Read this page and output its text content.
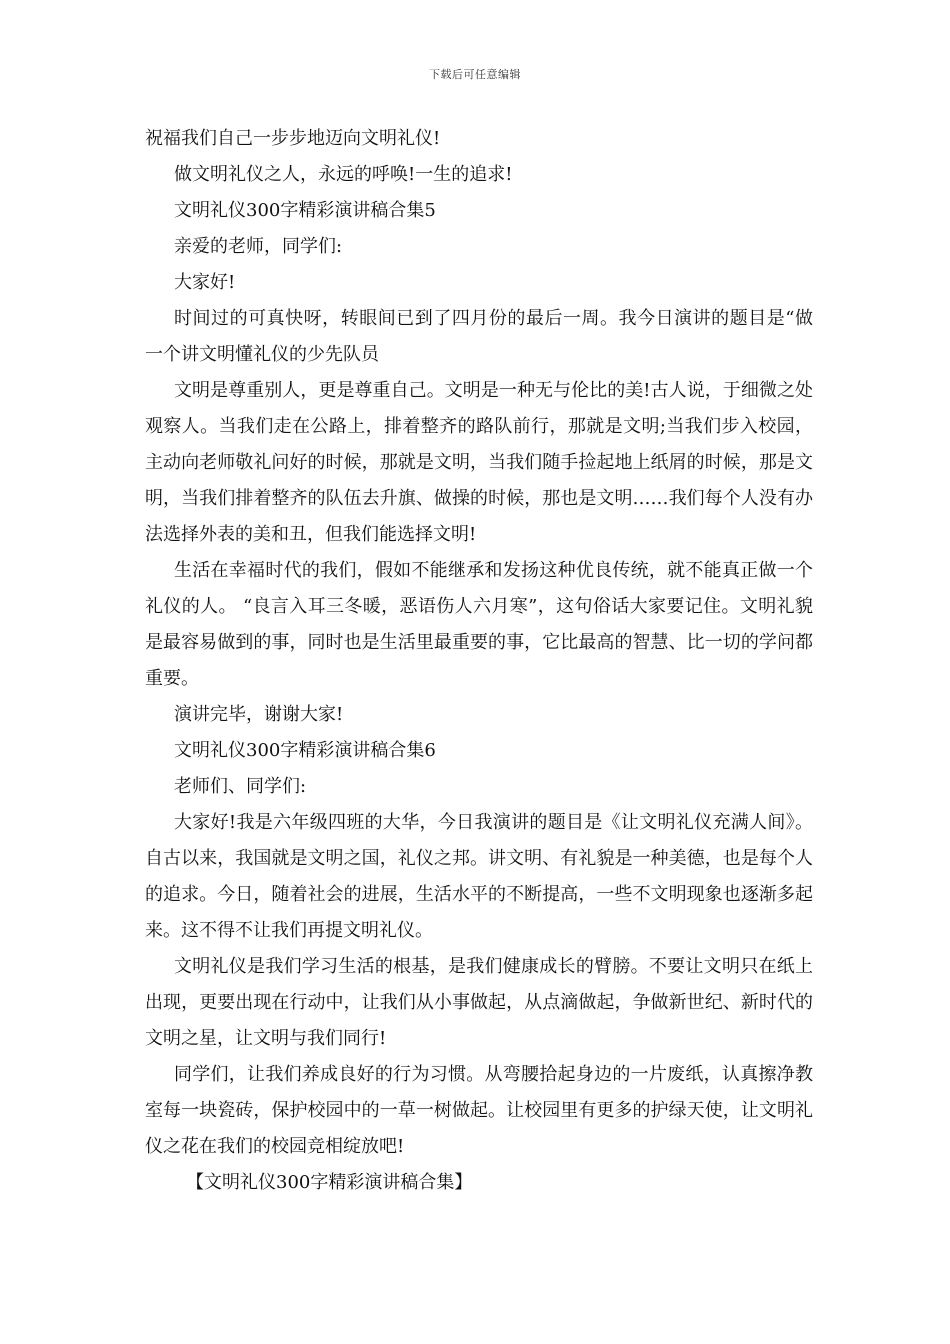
下载后可任意编辑

祝福我们自己一步步地迈向文明礼仪!

做文明礼仪之人，永远的呼唤!一生的追求!

文明礼仪300字精彩演讲稿合集5

亲爱的老师，同学们:

大家好!

时间过的可真快呀，转眼间已到了四月份的最后一周。我今日演讲的题目是“做一个讲文明懂礼仪的少先队员

文明是尊重别人，更是尊重自己。文明是一种无与伦比的美!古人说，于细微之处观察人。当我们走在公路上，排着整齐的路队前行，那就是文明;当我们步入校园，主动向老师敬礼问好的时候，那就是文明，当我们随手捡起地上纸屑的时候，那是文明，当我们排着整齐的队伍去升旗、做操的时候，那也是文明……我们每个人没有办法选择外表的美和丑，但我们能选择文明!

生活在幸福时代的我们，假如不能继承和发扬这种优良传统，就不能真正做一个礼仪的人。 “良言入耳三冬暖，恶语伤人六月寒”，这句俗话大家要记住。文明礼貌是最容易做到的事，同时也是生活里最重要的事，它比最高的智慧、比一切的学问都重要。

演讲完毕，谢谢大家!

文明礼仪300字精彩演讲稿合集6

老师们、同学们:

大家好!我是六年级四班的大华，今日我演讲的题目是《让文明礼仪充满人间》。 自古以来，我国就是文明之国，礼仪之邦。讲文明、有礼貌是一种美德，也是每个人的追求。今日，随着社会的进展，生活水平的不断提高，一些不文明现象也逐渐多起来。这不得不让我们再提文明礼仪。

文明礼仪是我们学习生活的根基，是我们健康成长的臂膀。不要让文明只在纸上出现，更要出现在行动中，让我们从小事做起，从点滴做起，争做新世纪、新时代的文明之星，让文明与我们同行!

同学们，让我们养成良好的行为习惯。从弯腰拾起身边的一片废纸，认真擦净教室每一块瓷砖，保护校园中的一草一树做起。让校园里有更多的护绿天使，让文明礼仪之花在我们的校园竞相绽放吧!

【文明礼仪300字精彩演讲稿合集】
